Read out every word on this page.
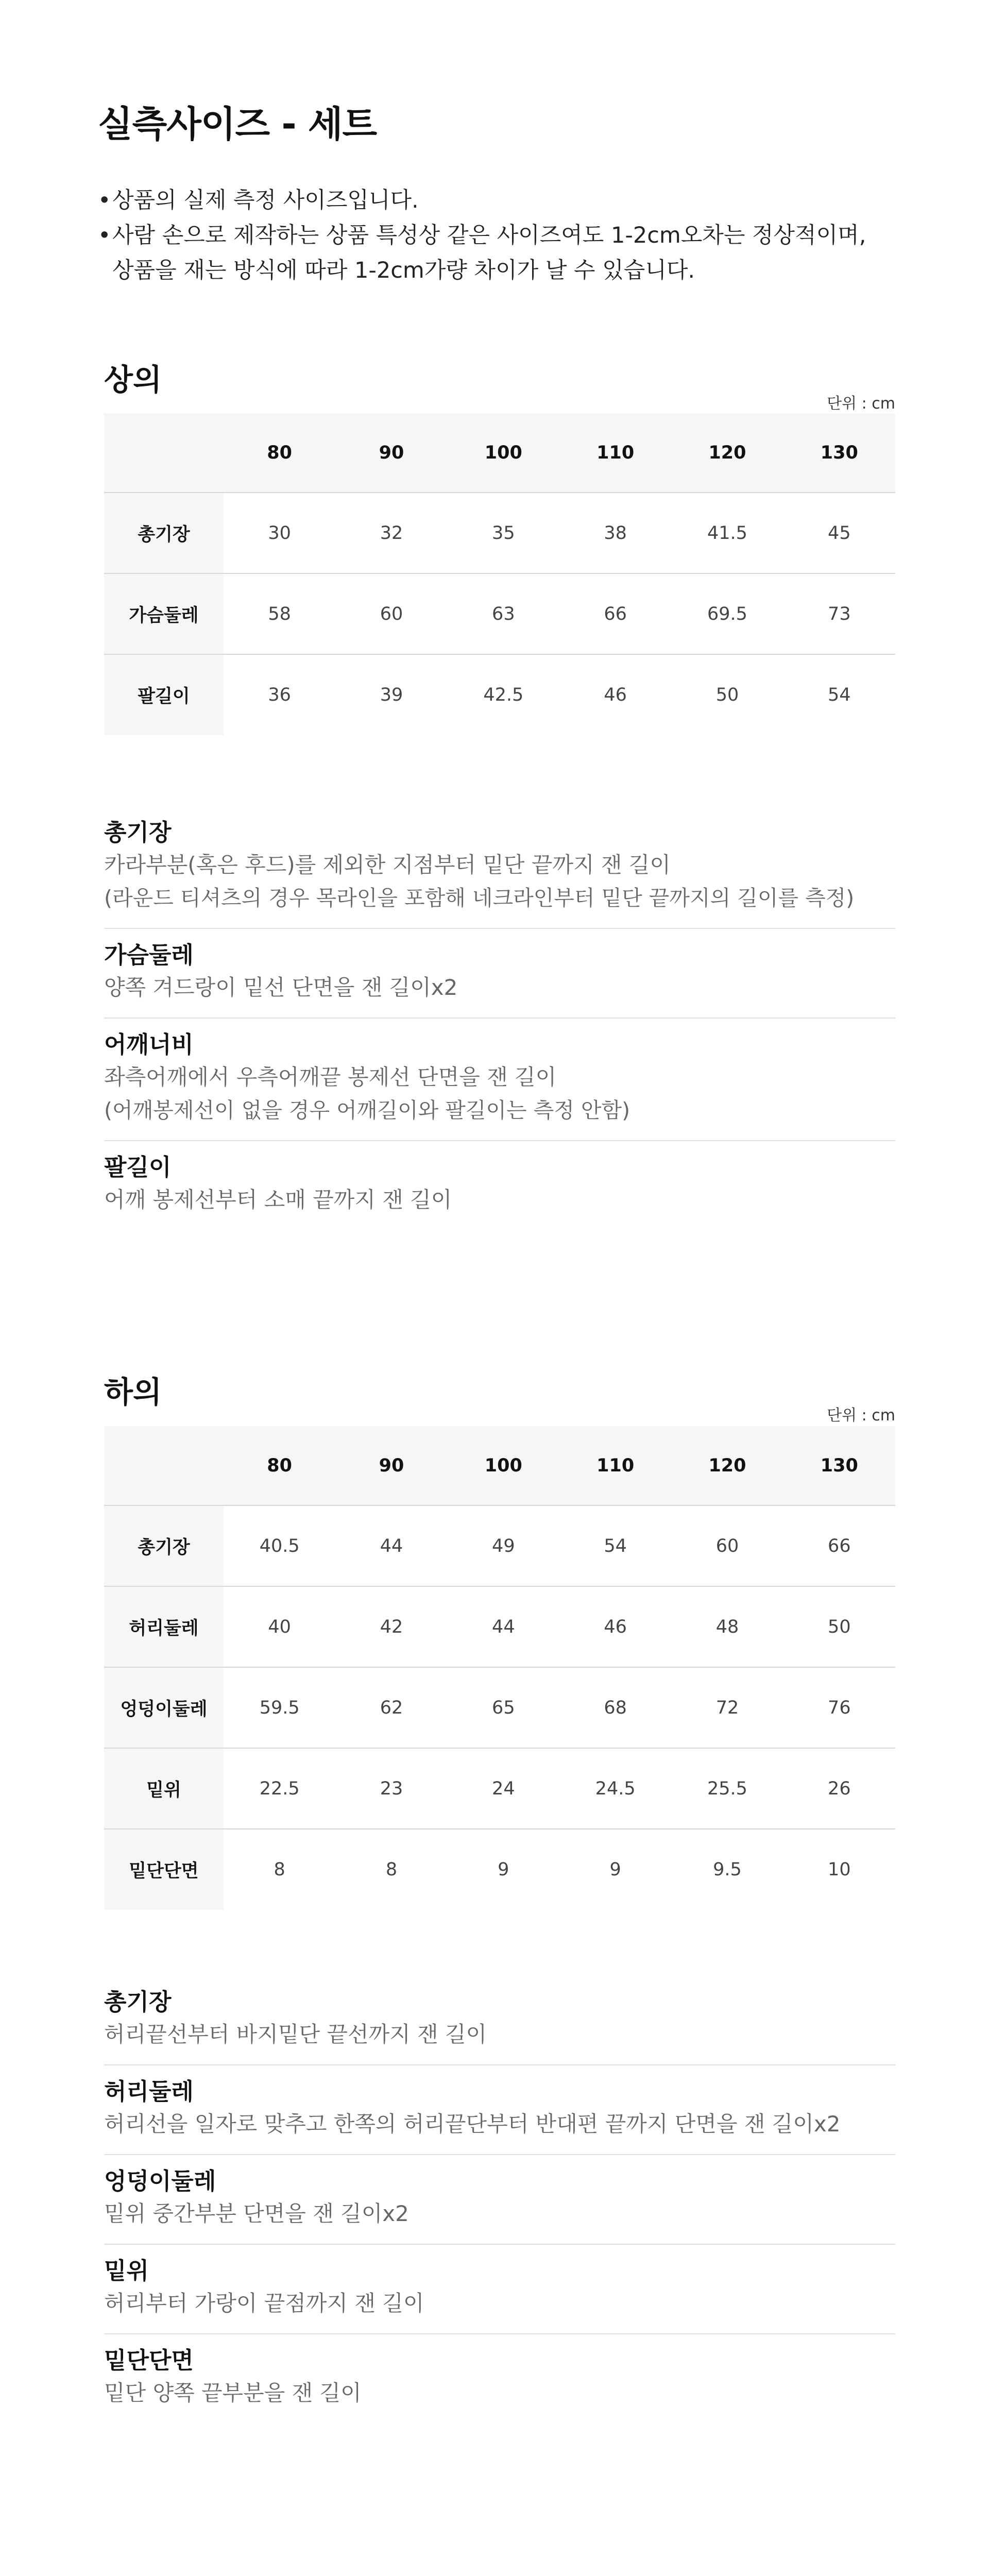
실측사이즈 - 세트
• 상품의 실제 측정 사이즈입니다.
• 사람 손으로 제작하는 상품 특성상 같은 사이즈여도 1-2cm오차는 정상적이며,
상품을 재는 방식에 따라 1-2cm가량 차이가 날 수 있습니다.
상의
단위 : cm
	80	90	100	110	120	130
총기장	30	32	35	38	41.5	45
가슴둘레	58	60	63	66	69.5	73
팔길이	36	39	42.5	46	50	54
총기장
카라부분(혹은 후드)를 제외한 지점부터 밑단 끝까지 잰 길이
(라운드 티셔츠의 경우 목라인을 포함해 네크라인부터 밑단 끝까지의 길이를 측정)
가슴둘레
양쪽 겨드랑이 밑선 단면을 잰 길이x2
어깨너비
좌측어깨에서 우측어깨끝 봉제선 단면을 잰 길이
(어깨봉제선이 없을 경우 어깨길이와 팔길이는 측정 안함)
팔길이
어깨 봉제선부터 소매 끝까지 잰 길이
하의
단위 : cm
	80	90	100	110	120	130
총기장	40.5	44	49	54	60	66
허리둘레	40	42	44	46	48	50
엉덩이둘레	59.5	62	65	68	72	76
밑위	22.5	23	24	24.5	25.5	26
밑단단면	8	8	9	9	9.5	10
총기장
허리끝선부터 바지밑단 끝선까지 잰 길이
허리둘레
허리선을 일자로 맞추고 한쪽의 허리끝단부터 반대편 끝까지 단면을 잰 길이x2
엉덩이둘레
밑위 중간부분 단면을 잰 길이x2
밑위
허리부터 가랑이 끝점까지 잰 길이
밑단단면
밑단 양쪽 끝부분을 잰 길이
